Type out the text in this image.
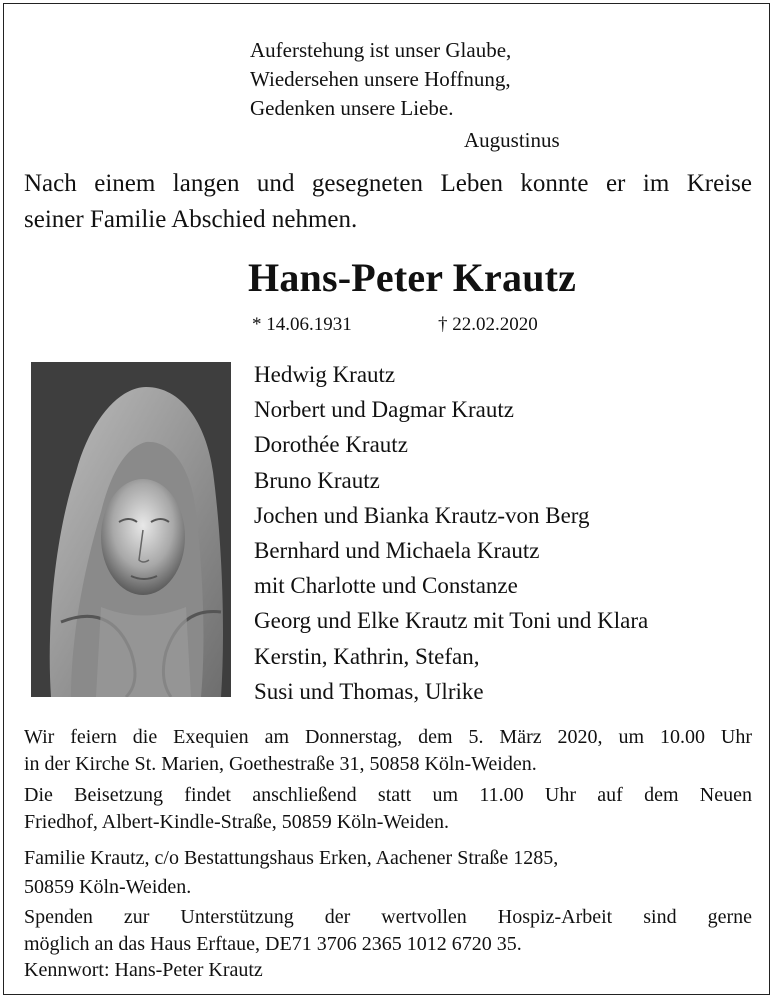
Auferstehung ist unser Glaube,
Wiedersehen unsere Hoffnung,
Gedenken unsere Liebe.
Augustinus
Nach einem langen und gesegneten Leben konnte er im Kreise
seiner Familie Abschied nehmen.
Hans-Peter Krautz
* 14.06.1931	† 22.02.2020
Hedwig Krautz
Norbert und Dagmar Krautz
Dorothée Krautz
Bruno Krautz
Jochen und Bianka Krautz-von Berg
Bernhard und Michaela Krautz
mit Charlotte und Constanze
Georg und Elke Krautz mit Toni und Klara
Kerstin, Kathrin, Stefan,
Susi und Thomas, Ulrike
Wir feiern die Exequien am Donnerstag, dem 5. März 2020, um 10.00 Uhr
in der Kirche St. Marien, Goethestraße 31, 50858 Köln-Weiden.
Die Beisetzung findet anschließend statt um 11.00 Uhr auf dem Neuen
Friedhof, Albert-Kindle-Straße, 50859 Köln-Weiden.
Familie Krautz, c/o Bestattungshaus Erken, Aachener Straße 1285,
50859 Köln-Weiden.
Spenden zur Unterstützung der wertvollen Hospiz-Arbeit sind gerne
möglich an das Haus Erftaue, DE71 3706 2365 1012 6720 35.
Kennwort: Hans-Peter Krautz
